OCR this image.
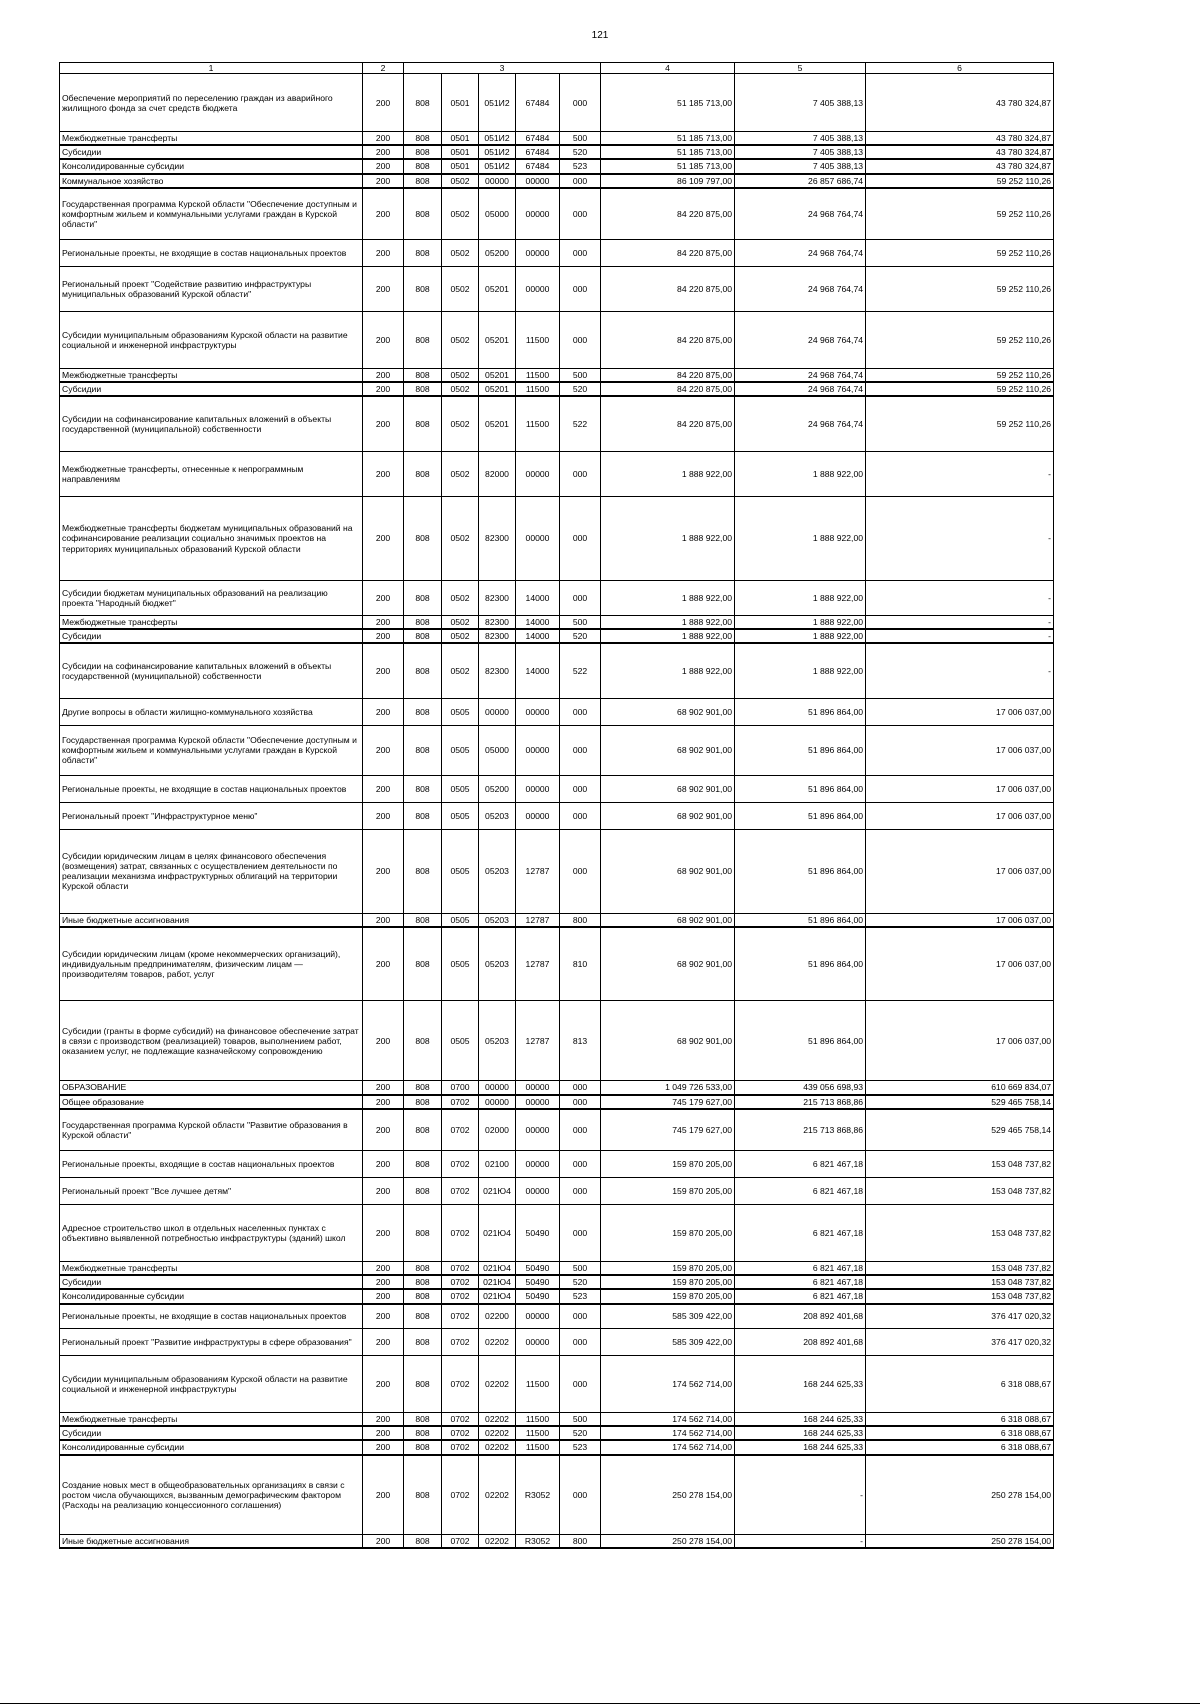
121
1	2	3					4	5	6
Обеспечение мероприятий по переселению граждан из аварийного жилищного фонда за счет средств бюджета	200	808	0501	051И2	67484	000	51 185 713,00	7 405 388,13	43 780 324,87
Межбюджетные трансферты	200	808	0501	051И2	67484	500	51 185 713,00	7 405 388,13	43 780 324,87
Субсидии	200	808	0501	051И2	67484	520	51 185 713,00	7 405 388,13	43 780 324,87
Консолидированные субсидии	200	808	0501	051И2	67484	523	51 185 713,00	7 405 388,13	43 780 324,87
Коммунальное хозяйство	200	808	0502	00000	00000	000	86 109 797,00	26 857 686,74	59 252 110,26
Государственная программа Курской области "Обеспечение доступным и комфортным жильем и коммунальными услугами граждан в Курской области"	200	808	0502	05000	00000	000	84 220 875,00	24 968 764,74	59 252 110,26
Региональные проекты, не входящие в состав национальных проектов	200	808	0502	05200	00000	000	84 220 875,00	24 968 764,74	59 252 110,26
Региональный проект "Содействие развитию инфраструктуры муниципальных образований Курской области"	200	808	0502	05201	00000	000	84 220 875,00	24 968 764,74	59 252 110,26
Субсидии муниципальным образованиям Курской области на развитие социальной и инженерной инфраструктуры	200	808	0502	05201	11500	000	84 220 875,00	24 968 764,74	59 252 110,26
Межбюджетные трансферты	200	808	0502	05201	11500	500	84 220 875,00	24 968 764,74	59 252 110,26
Субсидии	200	808	0502	05201	11500	520	84 220 875,00	24 968 764,74	59 252 110,26
Субсидии на софинансирование капитальных вложений в объекты государственной (муниципальной) собственности	200	808	0502	05201	11500	522	84 220 875,00	24 968 764,74	59 252 110,26
Межбюджетные трансферты, отнесенные к непрограммным направлениям	200	808	0502	82000	00000	000	1 888 922,00	1 888 922,00	-
Межбюджетные трансферты бюджетам муниципальных образований на софинансирование реализации социально значимых проектов на территориях муниципальных образований Курской области	200	808	0502	82300	00000	000	1 888 922,00	1 888 922,00	-
Субсидии бюджетам муниципальных образований на реализацию проекта "Народный бюджет"	200	808	0502	82300	14000	000	1 888 922,00	1 888 922,00	-
Межбюджетные трансферты	200	808	0502	82300	14000	500	1 888 922,00	1 888 922,00	-
Субсидии	200	808	0502	82300	14000	520	1 888 922,00	1 888 922,00	-
Субсидии на софинансирование капитальных вложений в объекты государственной (муниципальной) собственности	200	808	0502	82300	14000	522	1 888 922,00	1 888 922,00	-
Другие вопросы в области жилищно-коммунального хозяйства	200	808	0505	00000	00000	000	68 902 901,00	51 896 864,00	17 006 037,00
Государственная программа Курской области "Обеспечение доступным и комфортным жильем и коммунальными услугами граждан в Курской области"	200	808	0505	05000	00000	000	68 902 901,00	51 896 864,00	17 006 037,00
Региональные проекты, не входящие в состав национальных проектов	200	808	0505	05200	00000	000	68 902 901,00	51 896 864,00	17 006 037,00
Региональный проект "Инфраструктурное меню"	200	808	0505	05203	00000	000	68 902 901,00	51 896 864,00	17 006 037,00
Субсидии юридическим лицам в целях финансового обеспечения (возмещения) затрат, связанных с осуществлением деятельности по реализации механизма инфраструктурных облигаций на территории Курской области	200	808	0505	05203	12787	000	68 902 901,00	51 896 864,00	17 006 037,00
Иные бюджетные ассигнования	200	808	0505	05203	12787	800	68 902 901,00	51 896 864,00	17 006 037,00
Субсидии юридическим лицам (кроме некоммерческих организаций), индивидуальным предпринимателям, физическим лицам — производителям товаров, работ, услуг	200	808	0505	05203	12787	810	68 902 901,00	51 896 864,00	17 006 037,00
Субсидии (гранты в форме субсидий) на финансовое обеспечение затрат в связи с производством (реализацией) товаров, выполнением работ, оказанием услуг, не подлежащие казначейскому сопровождению	200	808	0505	05203	12787	813	68 902 901,00	51 896 864,00	17 006 037,00
ОБРАЗОВАНИЕ	200	808	0700	00000	00000	000	1 049 726 533,00	439 056 698,93	610 669 834,07
Общее образование	200	808	0702	00000	00000	000	745 179 627,00	215 713 868,86	529 465 758,14
Государственная программа Курской области "Развитие образования в Курской области"	200	808	0702	02000	00000	000	745 179 627,00	215 713 868,86	529 465 758,14
Региональные проекты, входящие в состав национальных проектов	200	808	0702	02100	00000	000	159 870 205,00	6 821 467,18	153 048 737,82
Региональный проект "Все лучшее детям"	200	808	0702	021Ю4	00000	000	159 870 205,00	6 821 467,18	153 048 737,82
Адресное строительство школ в отдельных населенных пунктах с объективно выявленной потребностью инфраструктуры (зданий) школ	200	808	0702	021Ю4	50490	000	159 870 205,00	6 821 467,18	153 048 737,82
Межбюджетные трансферты	200	808	0702	021Ю4	50490	500	159 870 205,00	6 821 467,18	153 048 737,82
Субсидии	200	808	0702	021Ю4	50490	520	159 870 205,00	6 821 467,18	153 048 737,82
Консолидированные субсидии	200	808	0702	021Ю4	50490	523	159 870 205,00	6 821 467,18	153 048 737,82
Региональные проекты, не входящие в состав национальных проектов	200	808	0702	02200	00000	000	585 309 422,00	208 892 401,68	376 417 020,32
Региональный проект "Развитие инфраструктуры в сфере образования"	200	808	0702	02202	00000	000	585 309 422,00	208 892 401,68	376 417 020,32
Субсидии муниципальным образованиям Курской области на развитие социальной и инженерной инфраструктуры	200	808	0702	02202	11500	000	174 562 714,00	168 244 625,33	6 318 088,67
Межбюджетные трансферты	200	808	0702	02202	11500	500	174 562 714,00	168 244 625,33	6 318 088,67
Субсидии	200	808	0702	02202	11500	520	174 562 714,00	168 244 625,33	6 318 088,67
Консолидированные субсидии	200	808	0702	02202	11500	523	174 562 714,00	168 244 625,33	6 318 088,67
Создание новых мест в общеобразовательных организациях в связи с ростом числа обучающихся, вызванным демографическим фактором (Расходы на реализацию концессионного соглашения)	200	808	0702	02202	R3052	000	250 278 154,00	-	250 278 154,00
Иные бюджетные ассигнования	200	808	0702	02202	R3052	800	250 278 154,00	-	250 278 154,00
